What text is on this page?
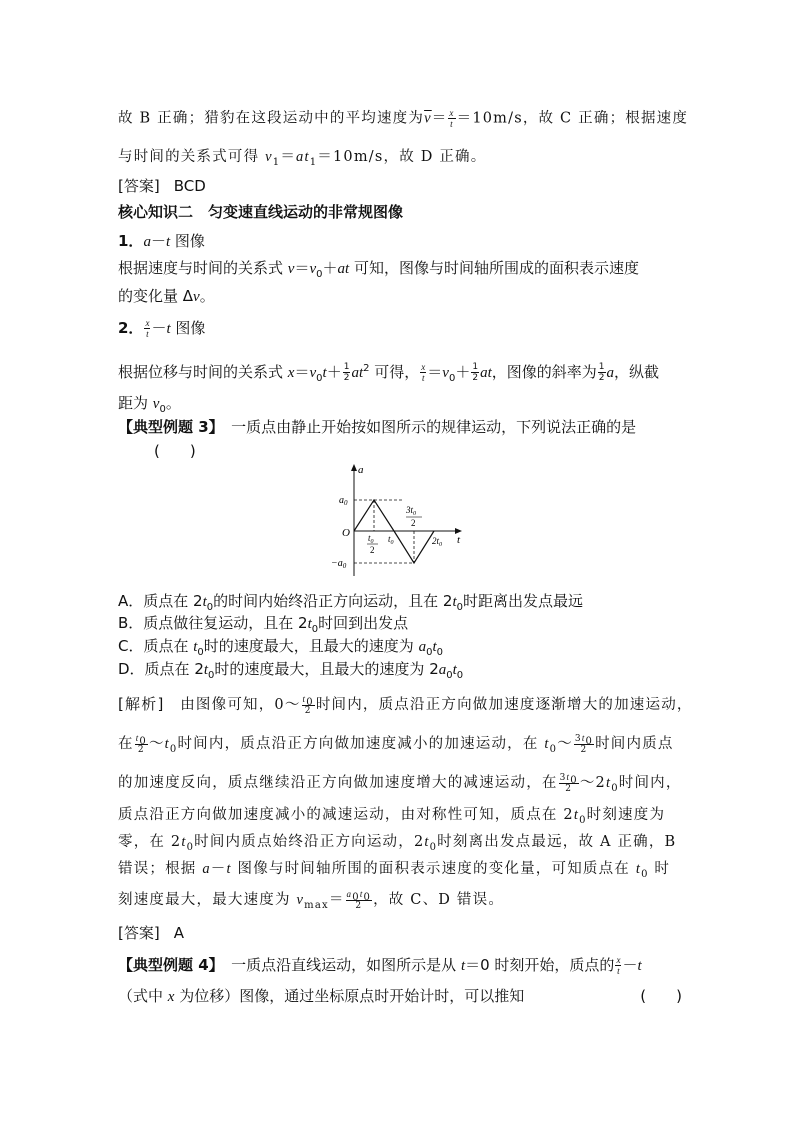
故 B 正确；猎豹在这段运动中的平均速度为$\overline{v}= \frac{x}{t} =10m/s$，故 C 正确；根据速度
与时间的关系式可得 $v_1=at_1=10m/s$，故 D 正确。
[答案] BCD
核心知识二　匀变速直线运动的非常规图像
1．a－t 图像
根据速度与时间的关系式 $v=v_0+at$ 可知，图像与时间轴所围成的面积表示速度
的变化量 Δv。
2． $\frac{x}{t} -t$ 图像
根据位移与时间的关系式 $x=v_0t+ \frac{1}{2} at^2$ 可得， $\frac{x}{t} =v_0+ \frac{1}{2}$ at，图像的斜率为 $\frac{1}{2}$ a，纵截
距为 $v_0$。
【典型例题 3】　一质点由静止开始按如图所示的规律运动，下列说法正确的是
(　　)
a
t
O
$a_0$
$-a_0$
$t_0$
2
$t_0$
$3t_0$
2
$2t_0$
A．质点在 $2t_0$的时间内始终沿正方向运动，且在 $2t_0$时距离出发点最远
B．质点做往复运动，且在 $2t_0$时回到出发点
C．质点在 $t_0$时的速度最大，且最大的速度为 $a_0t_0$
D．质点在 $2t_0$时的速度最大，且最大的速度为 $2a_0t_0$
[解析]　由图像可知，0～ $\frac{t_0}{2}$ 时间内，质点沿正方向做加速度逐渐增大的加速运动，
在 $\frac{t_0}{2}$ $\sim t_0$时间内，质点沿正方向做加速度减小的加速运动，在 $t_0\sim \frac{3t_0}{2}$ 时间内质点
的加速度反向，质点继续沿正方向做加速度增大的减速运动，在 $\frac{3t_0}{2}$ $\sim 2t_0$时间内，
质点沿正方向做加速度减小的减速运动，由对称性可知，质点在 $2t_0$时刻速度为
零，在 $2t_0$时间内质点始终沿正方向运动，$2t_0$时刻离出发点最远，故 A 正确，B
错误；根据 a－t 图像与时间轴所围的面积表示速度的变化量，可知质点在 $t_0$ 时
刻速度最大，最大速度为 $v_{max}= \frac{a_0t_0}{2}$ ，故 C、D 错误。
[答案] A
【典型例题 4】　一质点沿直线运动，如图所示是从 t＝0 时刻开始，质点的 $\frac{x}{t} -t$
（式中 x 为位移）图像，通过坐标原点时开始计时，可以推知	(　　)
